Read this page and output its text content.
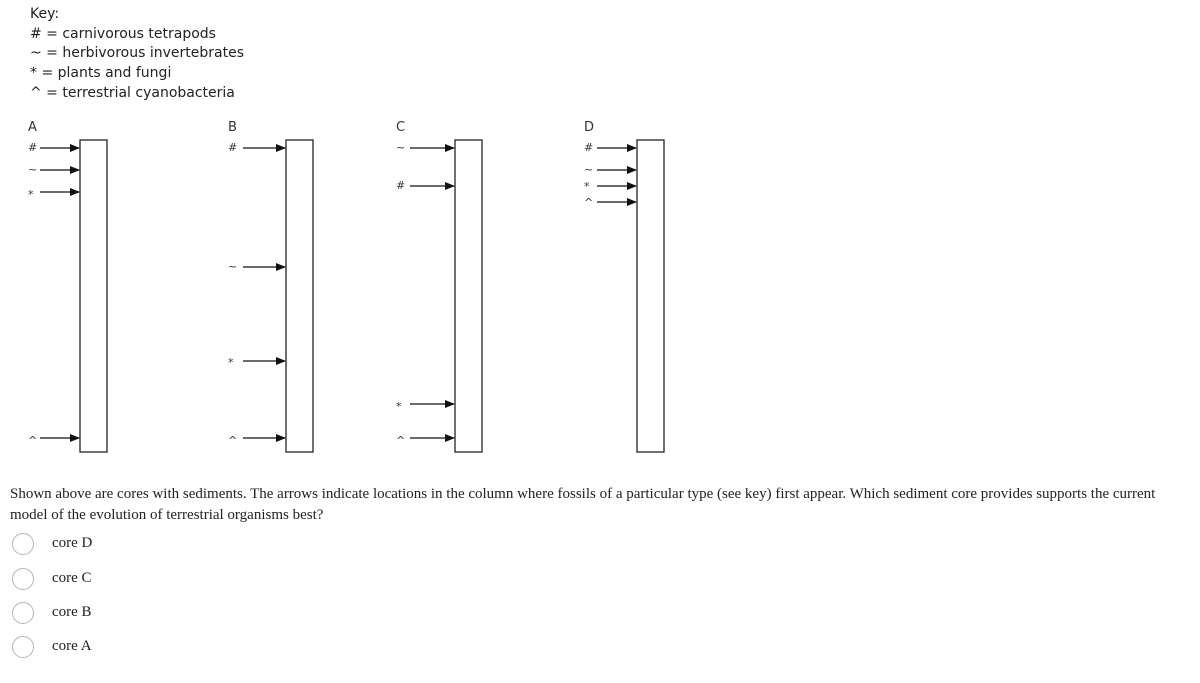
Key:
# = carnivorous tetrapods
~ = herbivorous invertebrates
* = plants and fungi
^ = terrestrial cyanobacteria
A
#
~
*
^
B
#
~
*
^
C
~
#
*
^
D
#
~
*
^
Shown above are cores with sediments. The arrows indicate locations in the column where fossils of a particular type (see key) first appear. Which sediment core provides supports the current model of the evolution of terrestrial organisms best?
core D
core C
core B
core A
